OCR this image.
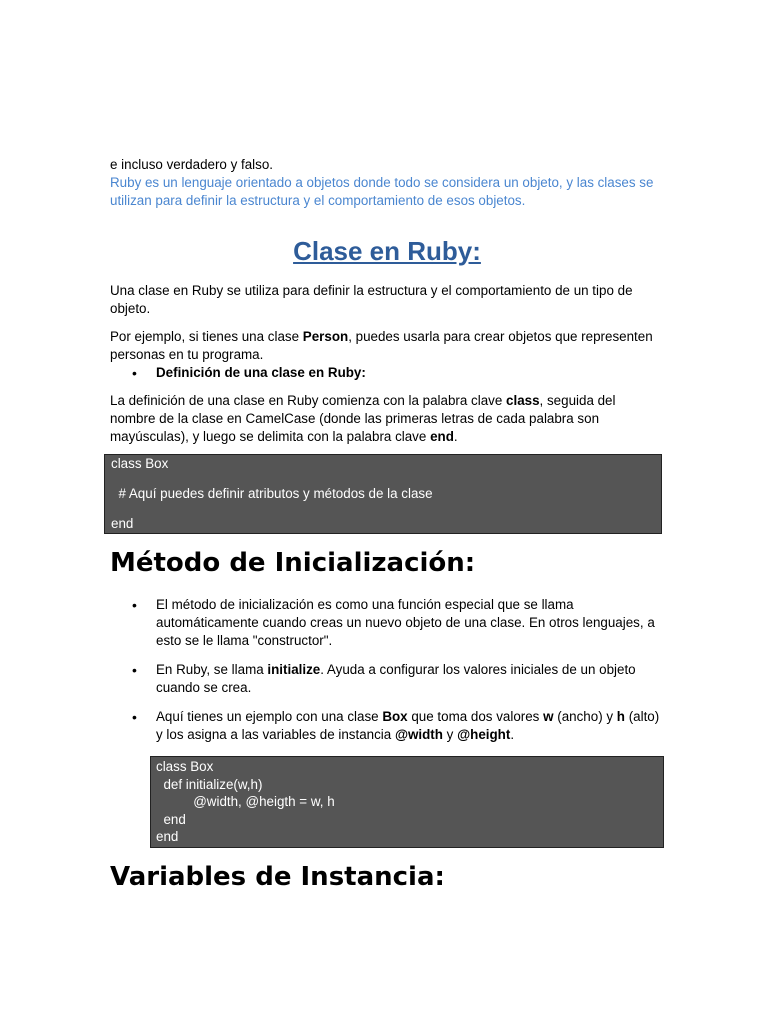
e incluso verdadero y falso.

Ruby es un lenguaje orientado a objetos donde todo se considera un objeto, y las clases se utilizan para definir la estructura y el comportamiento de esos objetos.

Clase en Ruby:

Una clase en Ruby se utiliza para definir la estructura y el comportamiento de un tipo de objeto.

Por ejemplo, si tienes una clase Person, puedes usarla para crear objetos que representen personas en tu programa.

• Definición de una clase en Ruby:

La definición de una clase en Ruby comienza con la palabra clave class, seguida del nombre de la clase en CamelCase (donde las primeras letras de cada palabra son mayúsculas), y luego se delimita con la palabra clave end.

class Box
# Aquí puedes definir atributos y métodos de la clase
end
Método de Inicialización:
• El método de inicialización es como una función especial que se llama automáticamente cuando creas un nuevo objeto de una clase. En otros lenguajes, a esto se le llama "constructor".
• En Ruby, se llama initialize. Ayuda a configurar los valores iniciales de un objeto cuando se crea.
• Aquí tienes un ejemplo con una clase Box que toma dos valores w (ancho) y h (alto) y los asigna a las variables de instancia @width y @height.
class Box
def initialize(w,h)
@width, @heigth = w, h
end
end
Variables de Instancia:
